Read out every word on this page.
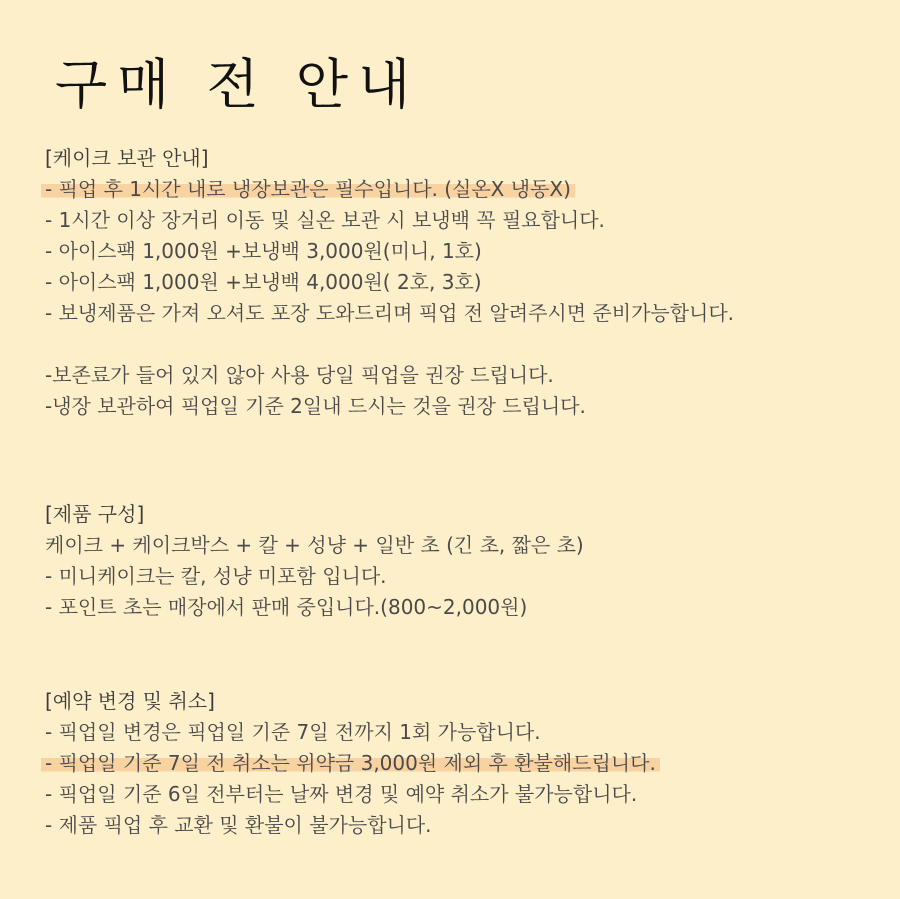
구매 전 안내
[케이크 보관 안내]
- 픽업 후 1시간 내로 냉장보관은 필수입니다. (실온X 냉동X)
- 1시간 이상 장거리 이동 및 실온 보관 시 보냉백 꼭 필요합니다.
- 아이스팩 1,000원 +보냉백 3,000원(미니, 1호)
- 아이스팩 1,000원 +보냉백 4,000원( 2호, 3호)
- 보냉제품은 가져 오셔도 포장 도와드리며 픽업 전 알려주시면 준비가능합니다.
-보존료가 들어 있지 않아 사용 당일 픽업을 권장 드립니다.
-냉장 보관하여 픽업일 기준 2일내 드시는 것을 권장 드립니다.
[제품 구성]
케이크 + 케이크박스 + 칼 + 성냥 + 일반 초 (긴 초, 짧은 초)
- 미니케이크는 칼, 성냥 미포함 입니다.
- 포인트 초는 매장에서 판매 중입니다.(800~2,000원)
[예약 변경 및 취소]
- 픽업일 변경은 픽업일 기준 7일 전까지 1회 가능합니다.
- 픽업일 기준 7일 전 취소는 위약금 3,000원 제외 후 환불해드립니다.
- 픽업일 기준 6일 전부터는 날짜 변경 및 예약 취소가 불가능합니다.
- 제품 픽업 후 교환 및 환불이 불가능합니다.
